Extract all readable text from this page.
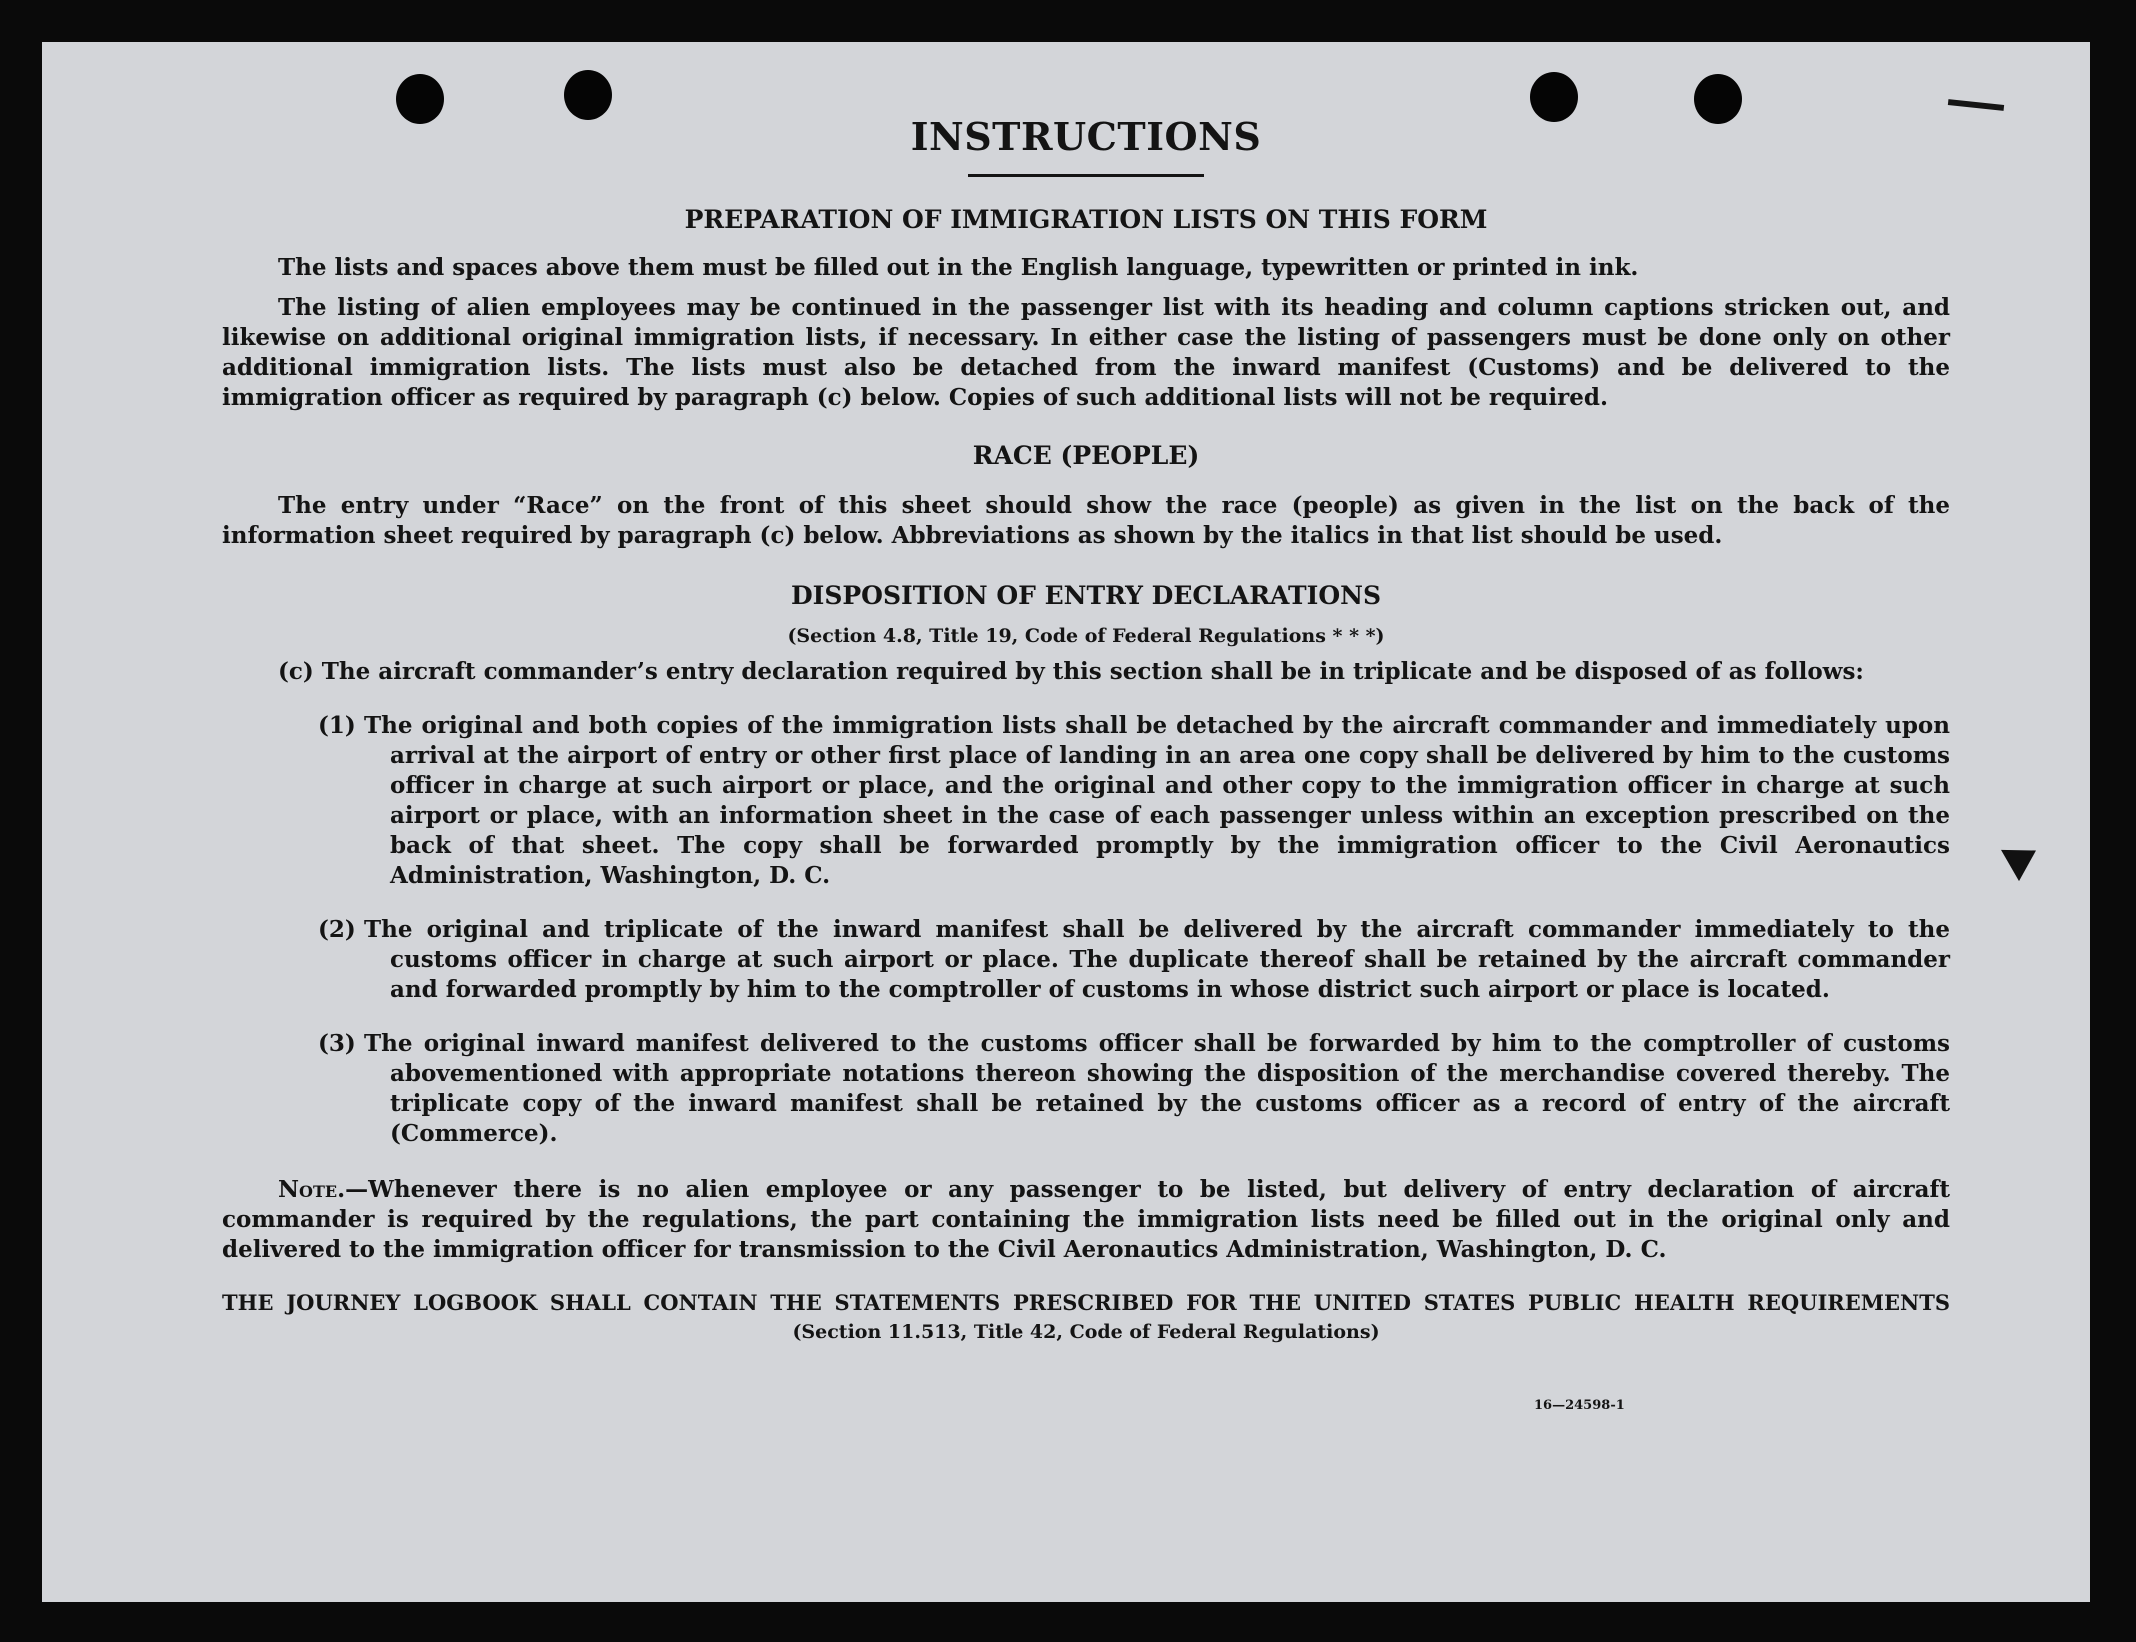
INSTRUCTIONS
PREPARATION OF IMMIGRATION LISTS ON THIS FORM

The lists and spaces above them must be filled out in the English language, typewritten or printed in ink.

The listing of alien employees may be continued in the passenger list with its heading and column captions stricken out, and likewise on additional original immigration lists, if necessary. In either case the listing of passengers must be done only on other additional immigration lists. The lists must also be detached from the inward manifest (Customs) and be delivered to the immigration officer as required by paragraph (c) below. Copies of such additional lists will not be required.

RACE (PEOPLE)

The entry under “Race” on the front of this sheet should show the race (people) as given in the list on the back of the information sheet required by paragraph (c) below. Abbreviations as shown by the italics in that list should be used.

DISPOSITION OF ENTRY DECLARATIONS

(Section 4.8, Title 19, Code of Federal Regulations * * *)

(c) The aircraft commander’s entry declaration required by this section shall be in triplicate and be disposed of as follows:

(1) The original and both copies of the immigration lists shall be detached by the aircraft commander and immediately upon arrival at the airport of entry or other first place of landing in an area one copy shall be delivered by him to the customs officer in charge at such airport or place, and the original and other copy to the immigration officer in charge at such airport or place, with an information sheet in the case of each passenger unless within an exception prescribed on the back of that sheet. The copy shall be forwarded promptly by the immigration officer to the Civil Aeronautics Administration, Washington, D. C.
(2) The original and triplicate of the inward manifest shall be delivered by the aircraft commander immediately to the customs officer in charge at such airport or place. The duplicate thereof shall be retained by the aircraft commander and forwarded promptly by him to the comptroller of customs in whose district such airport or place is located.
(3) The original inward manifest delivered to the customs officer shall be forwarded by him to the comptroller of customs abovementioned with appropriate notations thereon showing the disposition of the merchandise covered thereby. The triplicate copy of the inward manifest shall be retained by the customs officer as a record of entry of the aircraft (Commerce).

Note.—Whenever there is no alien employee or any passenger to be listed, but delivery of entry declaration of aircraft commander is required by the regulations, the part containing the immigration lists need be filled out in the original only and delivered to the immigration officer for transmission to the Civil Aeronautics Administration, Washington, D. C.

THE JOURNEY LOGBOOK SHALL CONTAIN THE STATEMENTS PRESCRIBED FOR THE UNITED STATES PUBLIC HEALTH REQUIREMENTS

(Section 11.513, Title 42, Code of Federal Regulations)

16—24598-1
